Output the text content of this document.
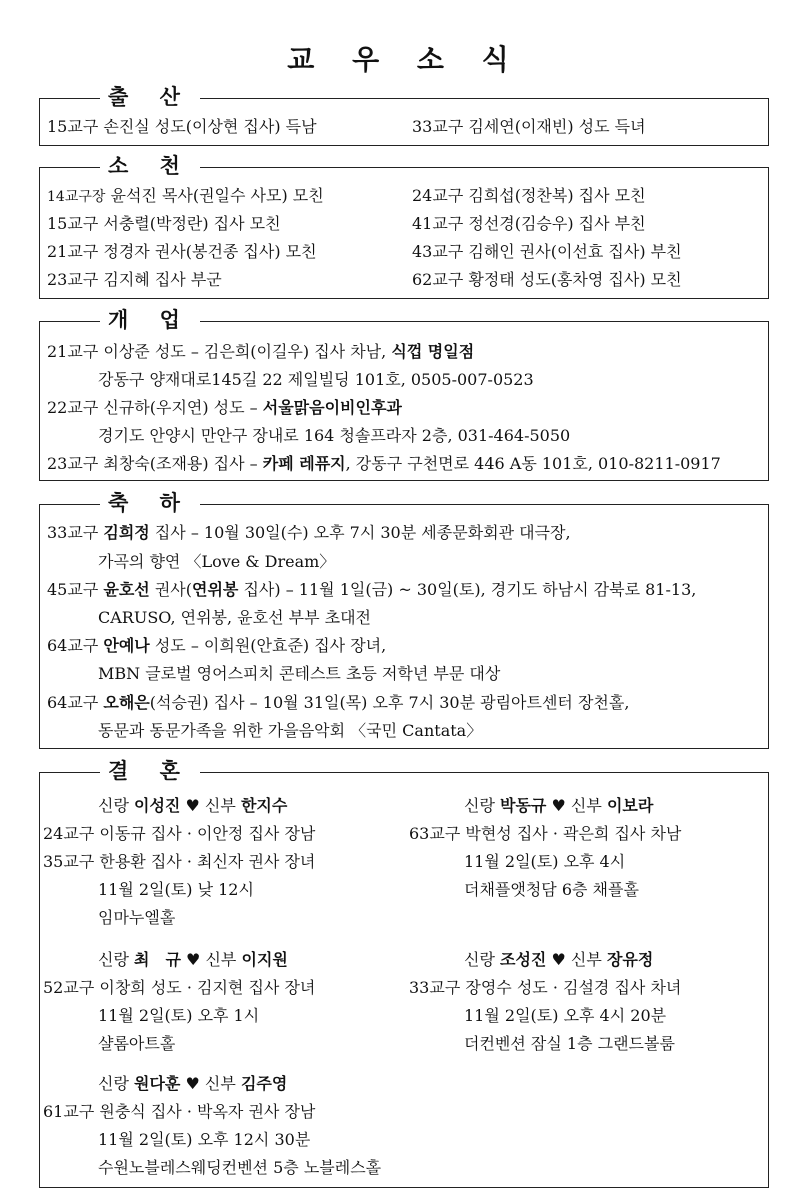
교 우 소 식
출 산
15교구 손진실 성도(이상현 집사) 득남	33교구 김세연(이재빈) 성도 득녀
소 천
14교구장 윤석진 목사(권일수 사모) 모친
15교구 서충렬(박정란) 집사 모친
21교구 정경자 권사(봉건종 집사) 모친
23교구 김지혜 집사 부군
24교구 김희섭(정찬복) 집사 모친
41교구 정선경(김승우) 집사 부친
43교구 김해인 권사(이선효 집사) 부친
62교구 황정태 성도(홍차영 집사) 모친
개 업
21교구 이상준 성도 – 김은희(이길우) 집사 차남, 식껍 명일점
강동구 양재대로145길 22 제일빌딩 101호, 0505-007-0523
22교구 신규하(우지연) 성도 – 서울맑음이비인후과
경기도 안양시 만안구 장내로 164 청솔프라자 2층, 031-464-5050
23교구 최창숙(조재용) 집사 – 카페 레퓨지, 강동구 구천면로 446 A동 101호, 010-8211-0917
축 하
33교구 김희정 집사 – 10월 30일(수) 오후 7시 30분 세종문화회관 대극장,
가곡의 향연 〈Love & Dream〉
45교구 윤호선 권사(연위봉 집사) – 11월 1일(금) ~ 30일(토), 경기도 하남시 감북로 81-13,
CARUSO, 연위봉, 윤호선 부부 초대전
64교구 안예나 성도 – 이희원(안효준) 집사 장녀,
MBN 글로벌 영어스피치 콘테스트 초등 저학년 부문 대상
64교구 오해은(석승권) 집사 – 10월 31일(목) 오후 7시 30분 광림아트센터 장천홀,
동문과 동문가족을 위한 가을음악회 〈국민 Cantata〉
결 혼
신랑 이성진 ♥ 신부 한지수
24교구 이동규 집사 · 이안정 집사 장남
35교구 한용환 집사 · 최신자 권사 장녀
11월 2일(토) 낮 12시
임마누엘홀
신랑 박동규 ♥ 신부 이보라
63교구 박현성 집사 · 곽은희 집사 차남
11월 2일(토) 오후 4시
더채플앳청담 6층 채플홀
신랑 최　규 ♥ 신부 이지원
52교구 이창희 성도 · 김지현 집사 장녀
11월 2일(토) 오후 1시
샬롬아트홀
신랑 조성진 ♥ 신부 장유정
33교구 장영수 성도 · 김설경 집사 차녀
11월 2일(토) 오후 4시 20분
더컨벤션 잠실 1층 그랜드볼룸
신랑 원다훈 ♥ 신부 김주영
61교구 원충식 집사 · 박옥자 권사 장남
11월 2일(토) 오후 12시 30분
수원노블레스웨딩컨벤션 5층 노블레스홀
